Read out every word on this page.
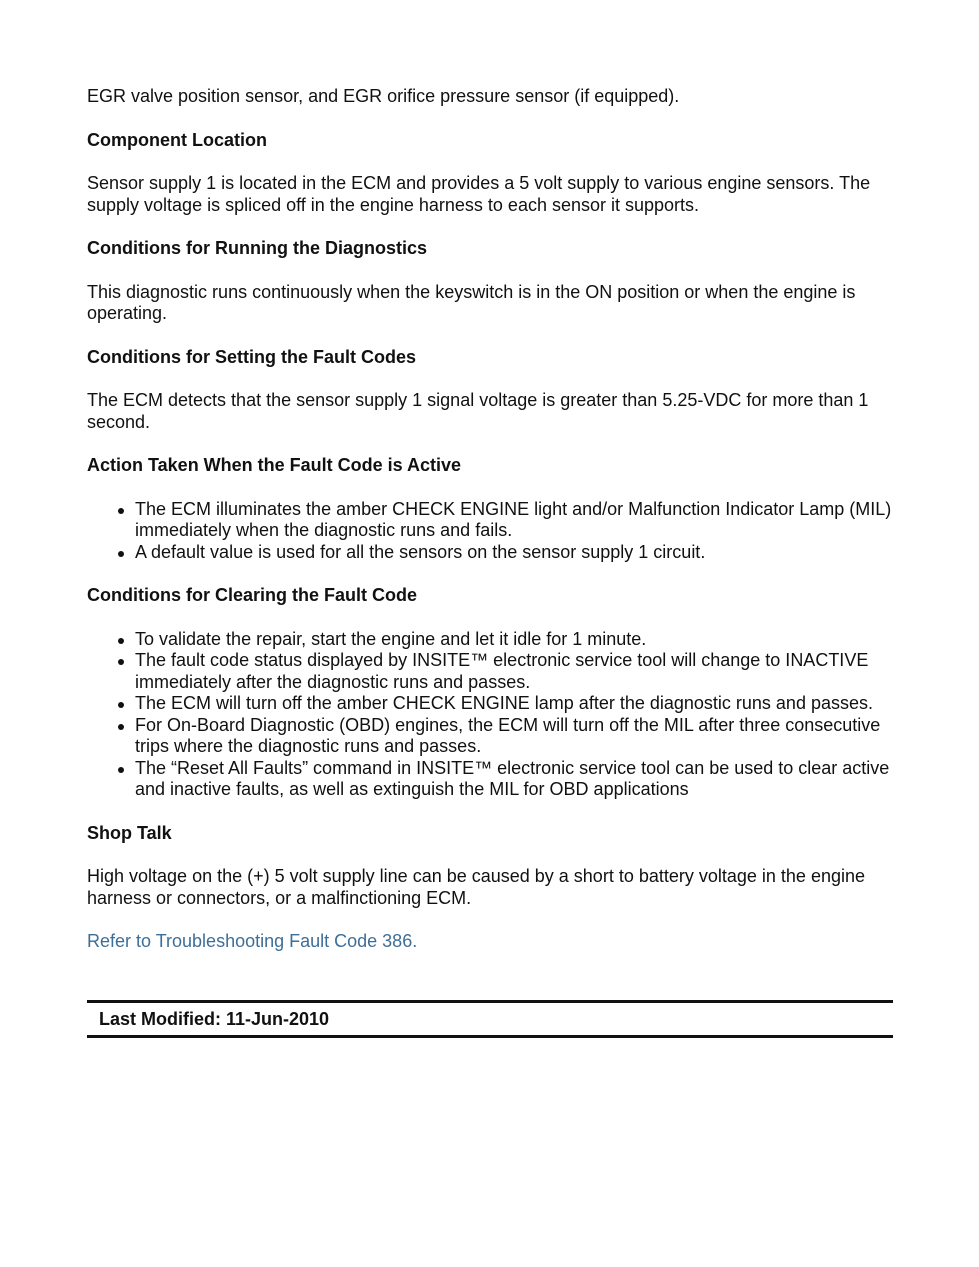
EGR valve position sensor, and EGR orifice pressure sensor (if equipped).

Component Location

Sensor supply 1 is located in the ECM and provides a 5 volt supply to various engine sensors. The supply voltage is spliced off in the engine harness to each sensor it supports.

Conditions for Running the Diagnostics

This diagnostic runs continuously when the keyswitch is in the ON position or when the engine is operating.

Conditions for Setting the Fault Codes

The ECM detects that the sensor supply 1 signal voltage is greater than 5.25-VDC for more than 1 second.

Action Taken When the Fault Code is Active

The ECM illuminates the amber CHECK ENGINE light and/or Malfunction Indicator Lamp (MIL) immediately when the diagnostic runs and fails.
A default value is used for all the sensors on the sensor supply 1 circuit.

Conditions for Clearing the Fault Code

To validate the repair, start the engine and let it idle for 1 minute.
The fault code status displayed by INSITE™ electronic service tool will change to INACTIVE immediately after the diagnostic runs and passes.
The ECM will turn off the amber CHECK ENGINE lamp after the diagnostic runs and passes.
For On-Board Diagnostic (OBD) engines, the ECM will turn off the MIL after three consecutive trips where the diagnostic runs and passes.
The “Reset All Faults” command in INSITE™ electronic service tool can be used to clear active and inactive faults, as well as extinguish the MIL for OBD applications

Shop Talk

High voltage on the (+) 5 volt supply line can be caused by a short to battery voltage in the engine harness or connectors, or a malfinctioning ECM.

Refer to Troubleshooting Fault Code 386.

Last Modified: 11-Jun-2010
